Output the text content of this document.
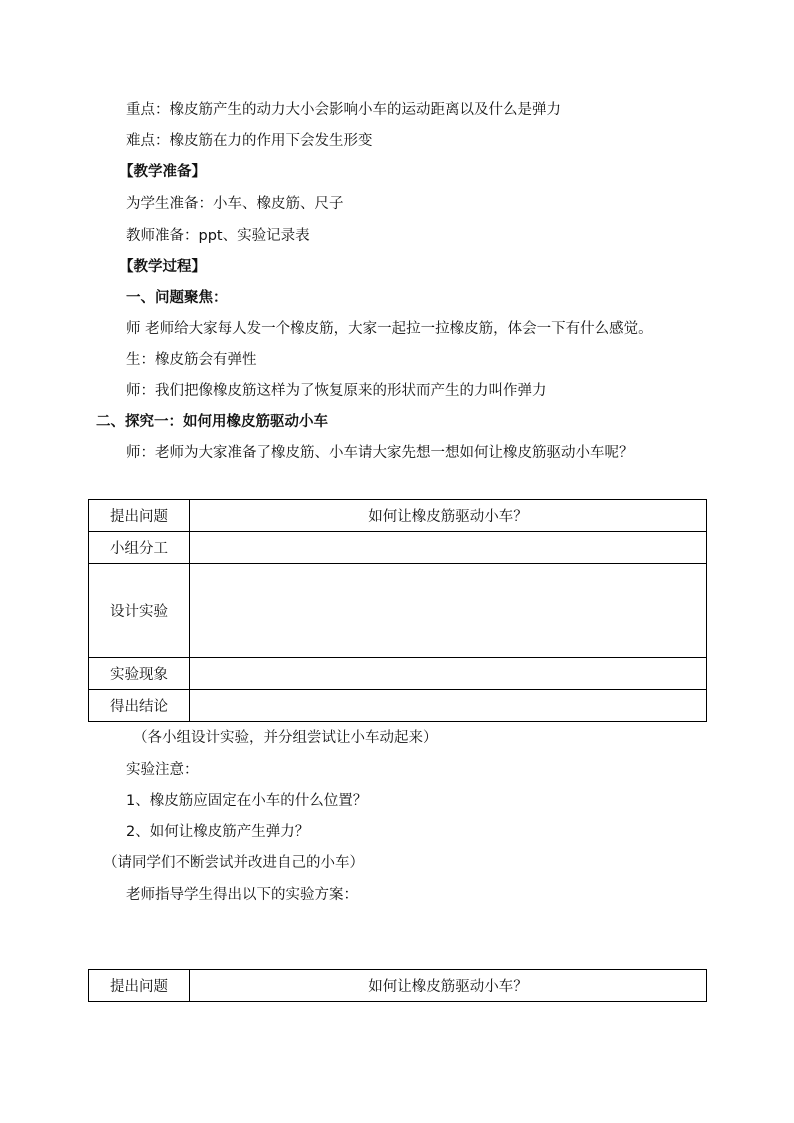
重点：橡皮筋产生的动力大小会影响小车的运动距离以及什么是弹力
难点：橡皮筋在力的作用下会发生形变
【教学准备】
为学生准备：小车、橡皮筋、尺子
教师准备：ppt、实验记录表
【教学过程】
一、问题聚焦：
师 老师给大家每人发一个橡皮筋，大家一起拉一拉橡皮筋，体会一下有什么感觉。
生：橡皮筋会有弹性
师：我们把像橡皮筋这样为了恢复原来的形状而产生的力叫作弹力
二、探究一：如何用橡皮筋驱动小车
师：老师为大家准备了橡皮筋、小车请大家先想一想如何让橡皮筋驱动小车呢？
提出问题	如何让橡皮筋驱动小车？
小组分工	
设计实验	
实验现象	
得出结论	
（各小组设计实验，并分组尝试让小车动起来）
实验注意：
1、橡皮筋应固定在小车的什么位置？
2、如何让橡皮筋产生弹力？
（请同学们不断尝试并改进自己的小车）
老师指导学生得出以下的实验方案：
提出问题	如何让橡皮筋驱动小车？
